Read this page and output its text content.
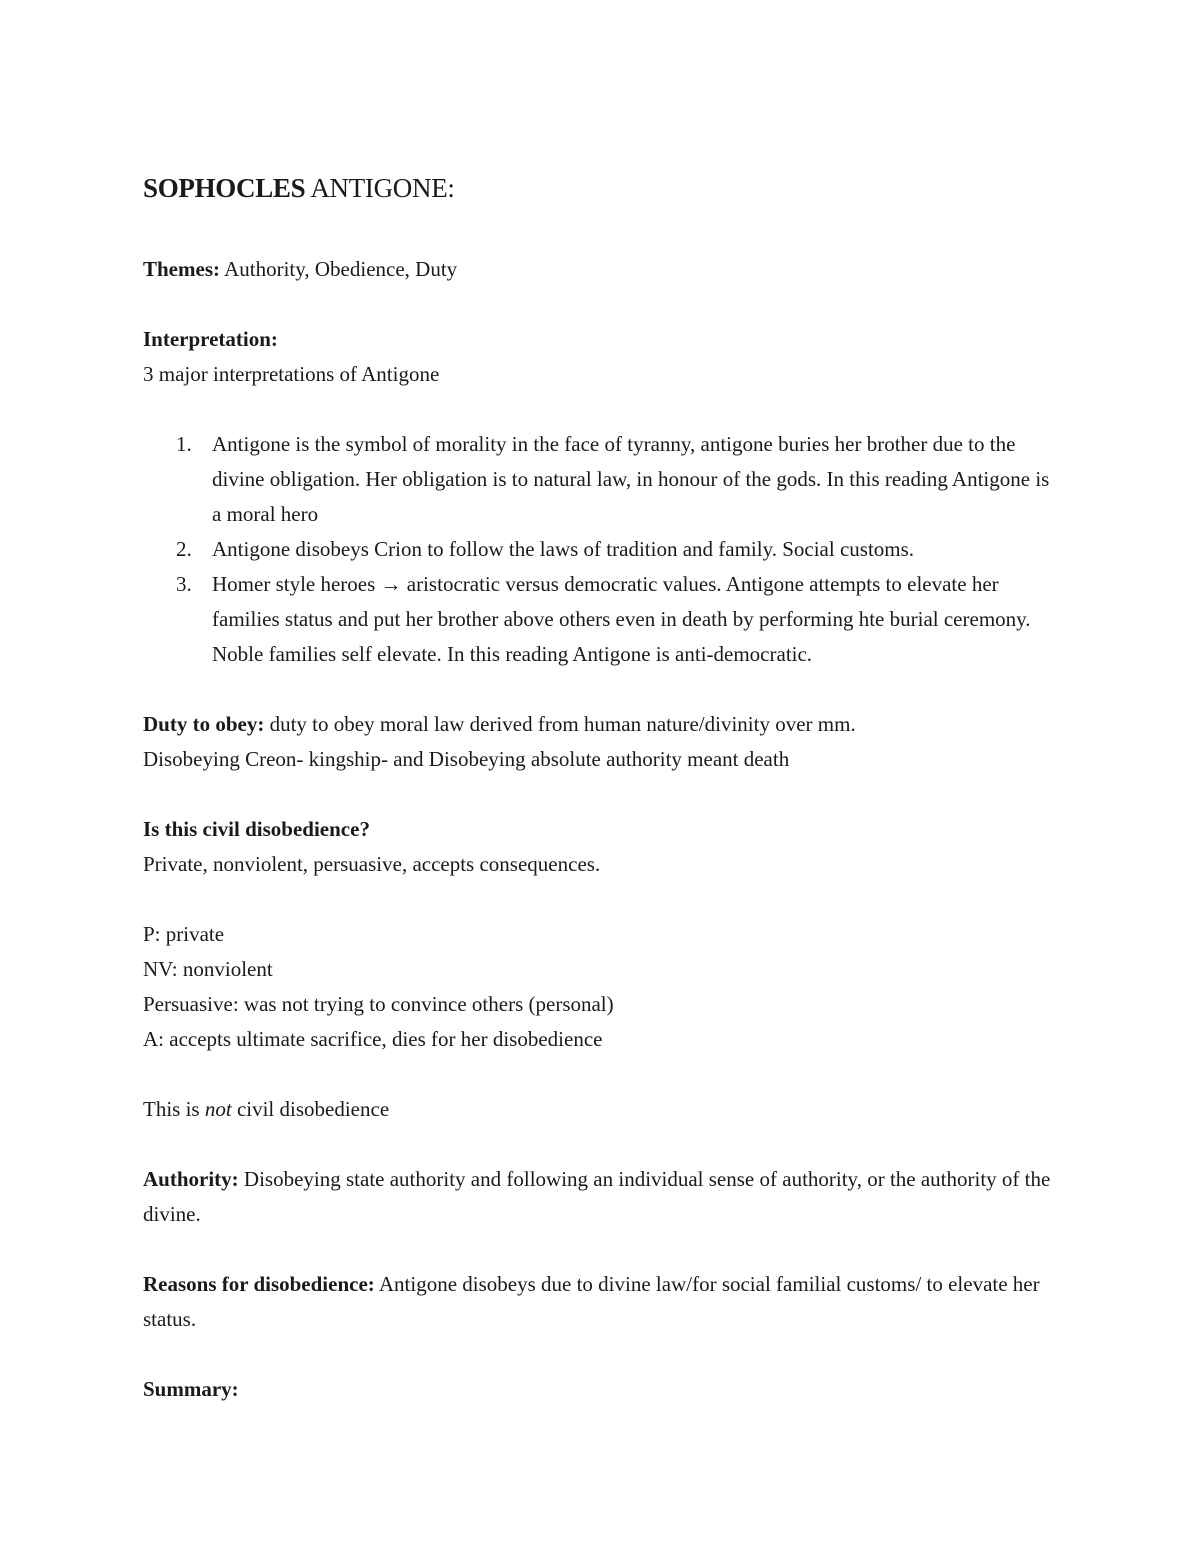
SOPHOCLES ANTIGONE:

Themes: Authority, Obedience, Duty

Interpretation:

3 major interpretations of Antigone

1. Antigone is the symbol of morality in the face of tyranny, antigone buries her brother due to the divine obligation. Her obligation is to natural law, in honour of the gods. In this reading Antigone is a moral hero
2. Antigone disobeys Crion to follow the laws of tradition and family. Social customs.
3. Homer style heroes → aristocratic versus democratic values. Antigone attempts to elevate her families status and put her brother above others even in death by performing hte burial ceremony. Noble families self elevate. In this reading Antigone is anti-democratic.

Duty to obey: duty to obey moral law derived from human nature/divinity over mm.

Disobeying Creon- kingship- and Disobeying absolute authority meant death

Is this civil disobedience?

Private, nonviolent, persuasive, accepts consequences.

P: private

NV: nonviolent

Persuasive: was not trying to convince others (personal)

A: accepts ultimate sacrifice, dies for her disobedience

This is not civil disobedience

Authority: Disobeying state authority and following an individual sense of authority, or the authority of the divine.

Reasons for disobedience: Antigone disobeys due to divine law/for social familial customs/ to elevate her status.

Summary:
